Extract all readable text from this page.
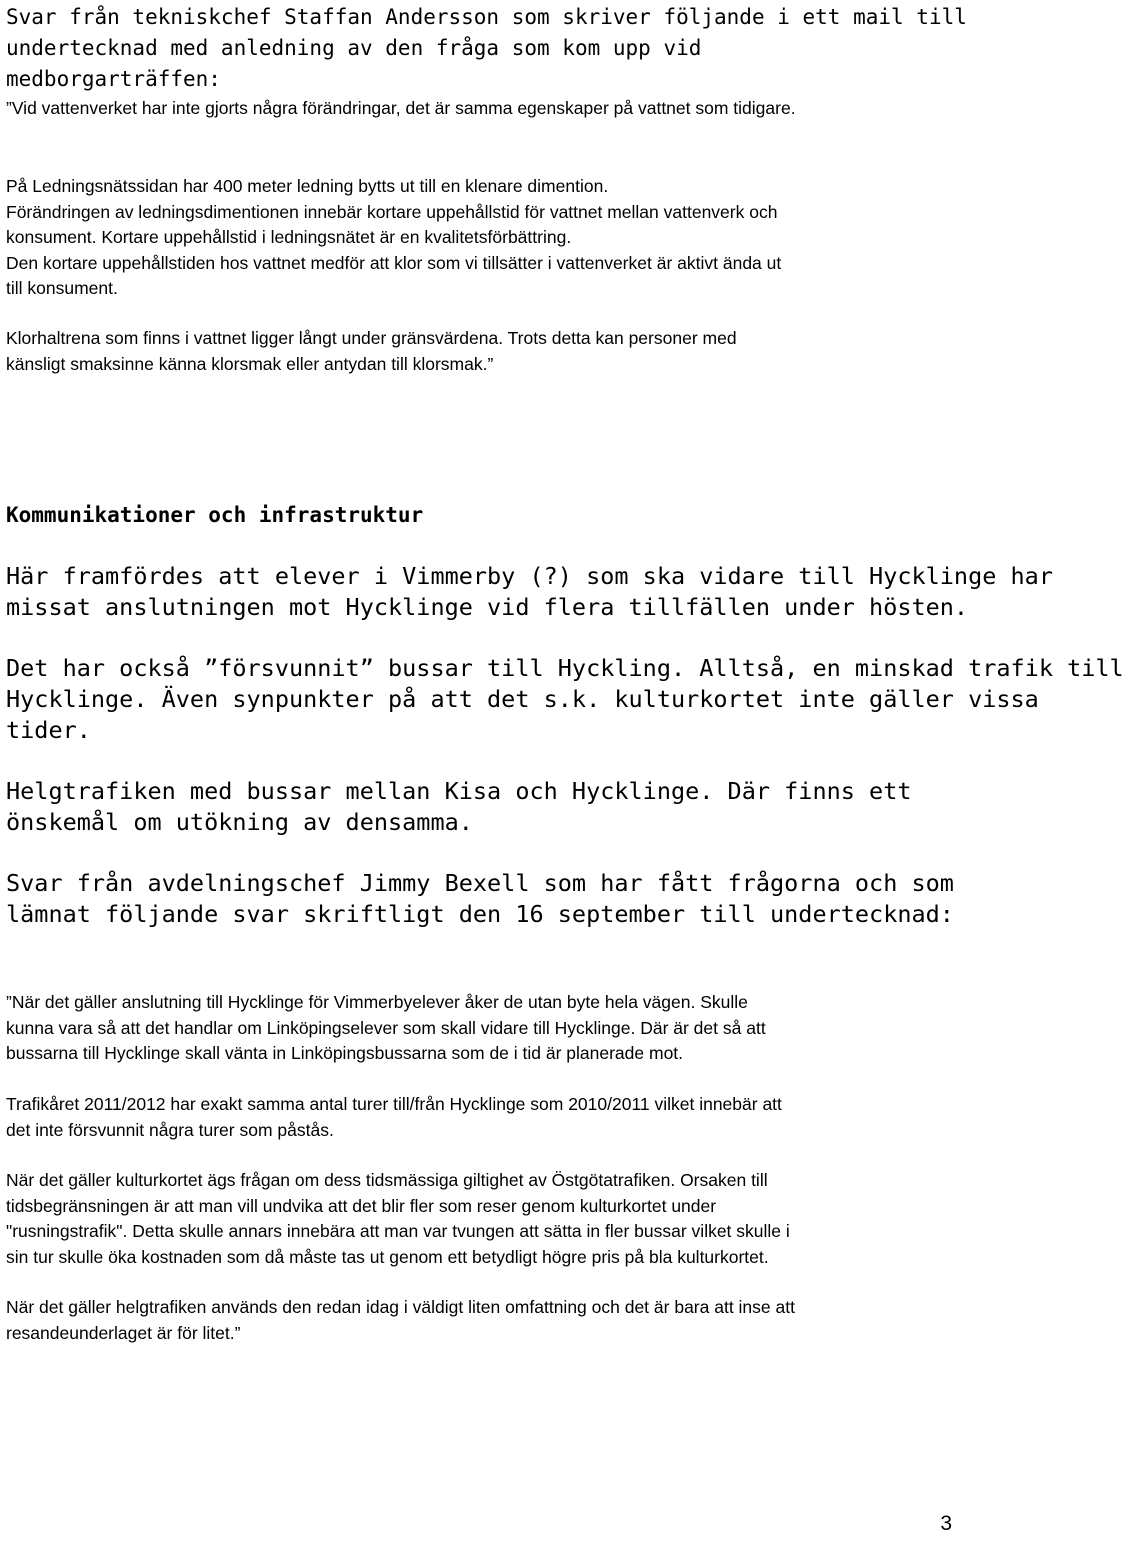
Svar från tekniskchef Staffan Andersson som skriver följande i ett mail till
undertecknad med anledning av den fråga som kom upp vid
medborgarträffen:
”Vid vattenverket har inte gjorts några förändringar, det är samma egenskaper på vattnet som tidigare.
På Ledningsnätssidan har 400 meter ledning bytts ut till en klenare dimention.
Förändringen av ledningsdimentionen innebär kortare uppehållstid för vattnet mellan vattenverk och
konsument. Kortare uppehållstid i ledningsnätet är en kvalitetsförbättring.
Den kortare uppehållstiden hos vattnet medför att klor som vi tillsätter i vattenverket är aktivt ända ut
till konsument.
Klorhaltrena som finns i vattnet ligger långt under gränsvärdena. Trots detta kan personer med
känsligt smaksinne känna klorsmak eller antydan till klorsmak.”
Kommunikationer och infrastruktur
Här framfördes att elever i Vimmerby (?) som ska vidare till Hycklinge har
missat anslutningen mot Hycklinge vid flera tillfällen under hösten.
Det har också ”försvunnit” bussar till Hyckling. Alltså, en minskad trafik till
Hycklinge. Även synpunkter på att det s.k. kulturkortet inte gäller vissa
tider.
Helgtrafiken med bussar mellan Kisa och Hycklinge. Där finns ett
önskemål om utökning av densamma.
Svar från avdelningschef Jimmy Bexell som har fått frågorna och som
lämnat följande svar skriftligt den 16 september till undertecknad:
”När det gäller anslutning till Hycklinge för Vimmerbyelever åker de utan byte hela vägen. Skulle
kunna vara så att det handlar om Linköpingselever som skall vidare till Hycklinge. Där är det så att
bussarna till Hycklinge skall vänta in Linköpingsbussarna som de i tid är planerade mot.
Trafikåret 2011/2012 har exakt samma antal turer till/från Hycklinge som 2010/2011 vilket innebär att
det inte försvunnit några turer som påstås.
När det gäller kulturkortet ägs frågan om dess tidsmässiga giltighet av Östgötatrafiken. Orsaken till
tidsbegränsningen är att man vill undvika att det blir fler som reser genom kulturkortet under
"rusningstrafik". Detta skulle annars innebära att man var tvungen att sätta in fler bussar vilket skulle i
sin tur skulle öka kostnaden som då måste tas ut genom ett betydligt högre pris på bla kulturkortet.
När det gäller helgtrafiken används den redan idag i väldigt liten omfattning och det är bara att inse att
resandeunderlaget är för litet.”
3
